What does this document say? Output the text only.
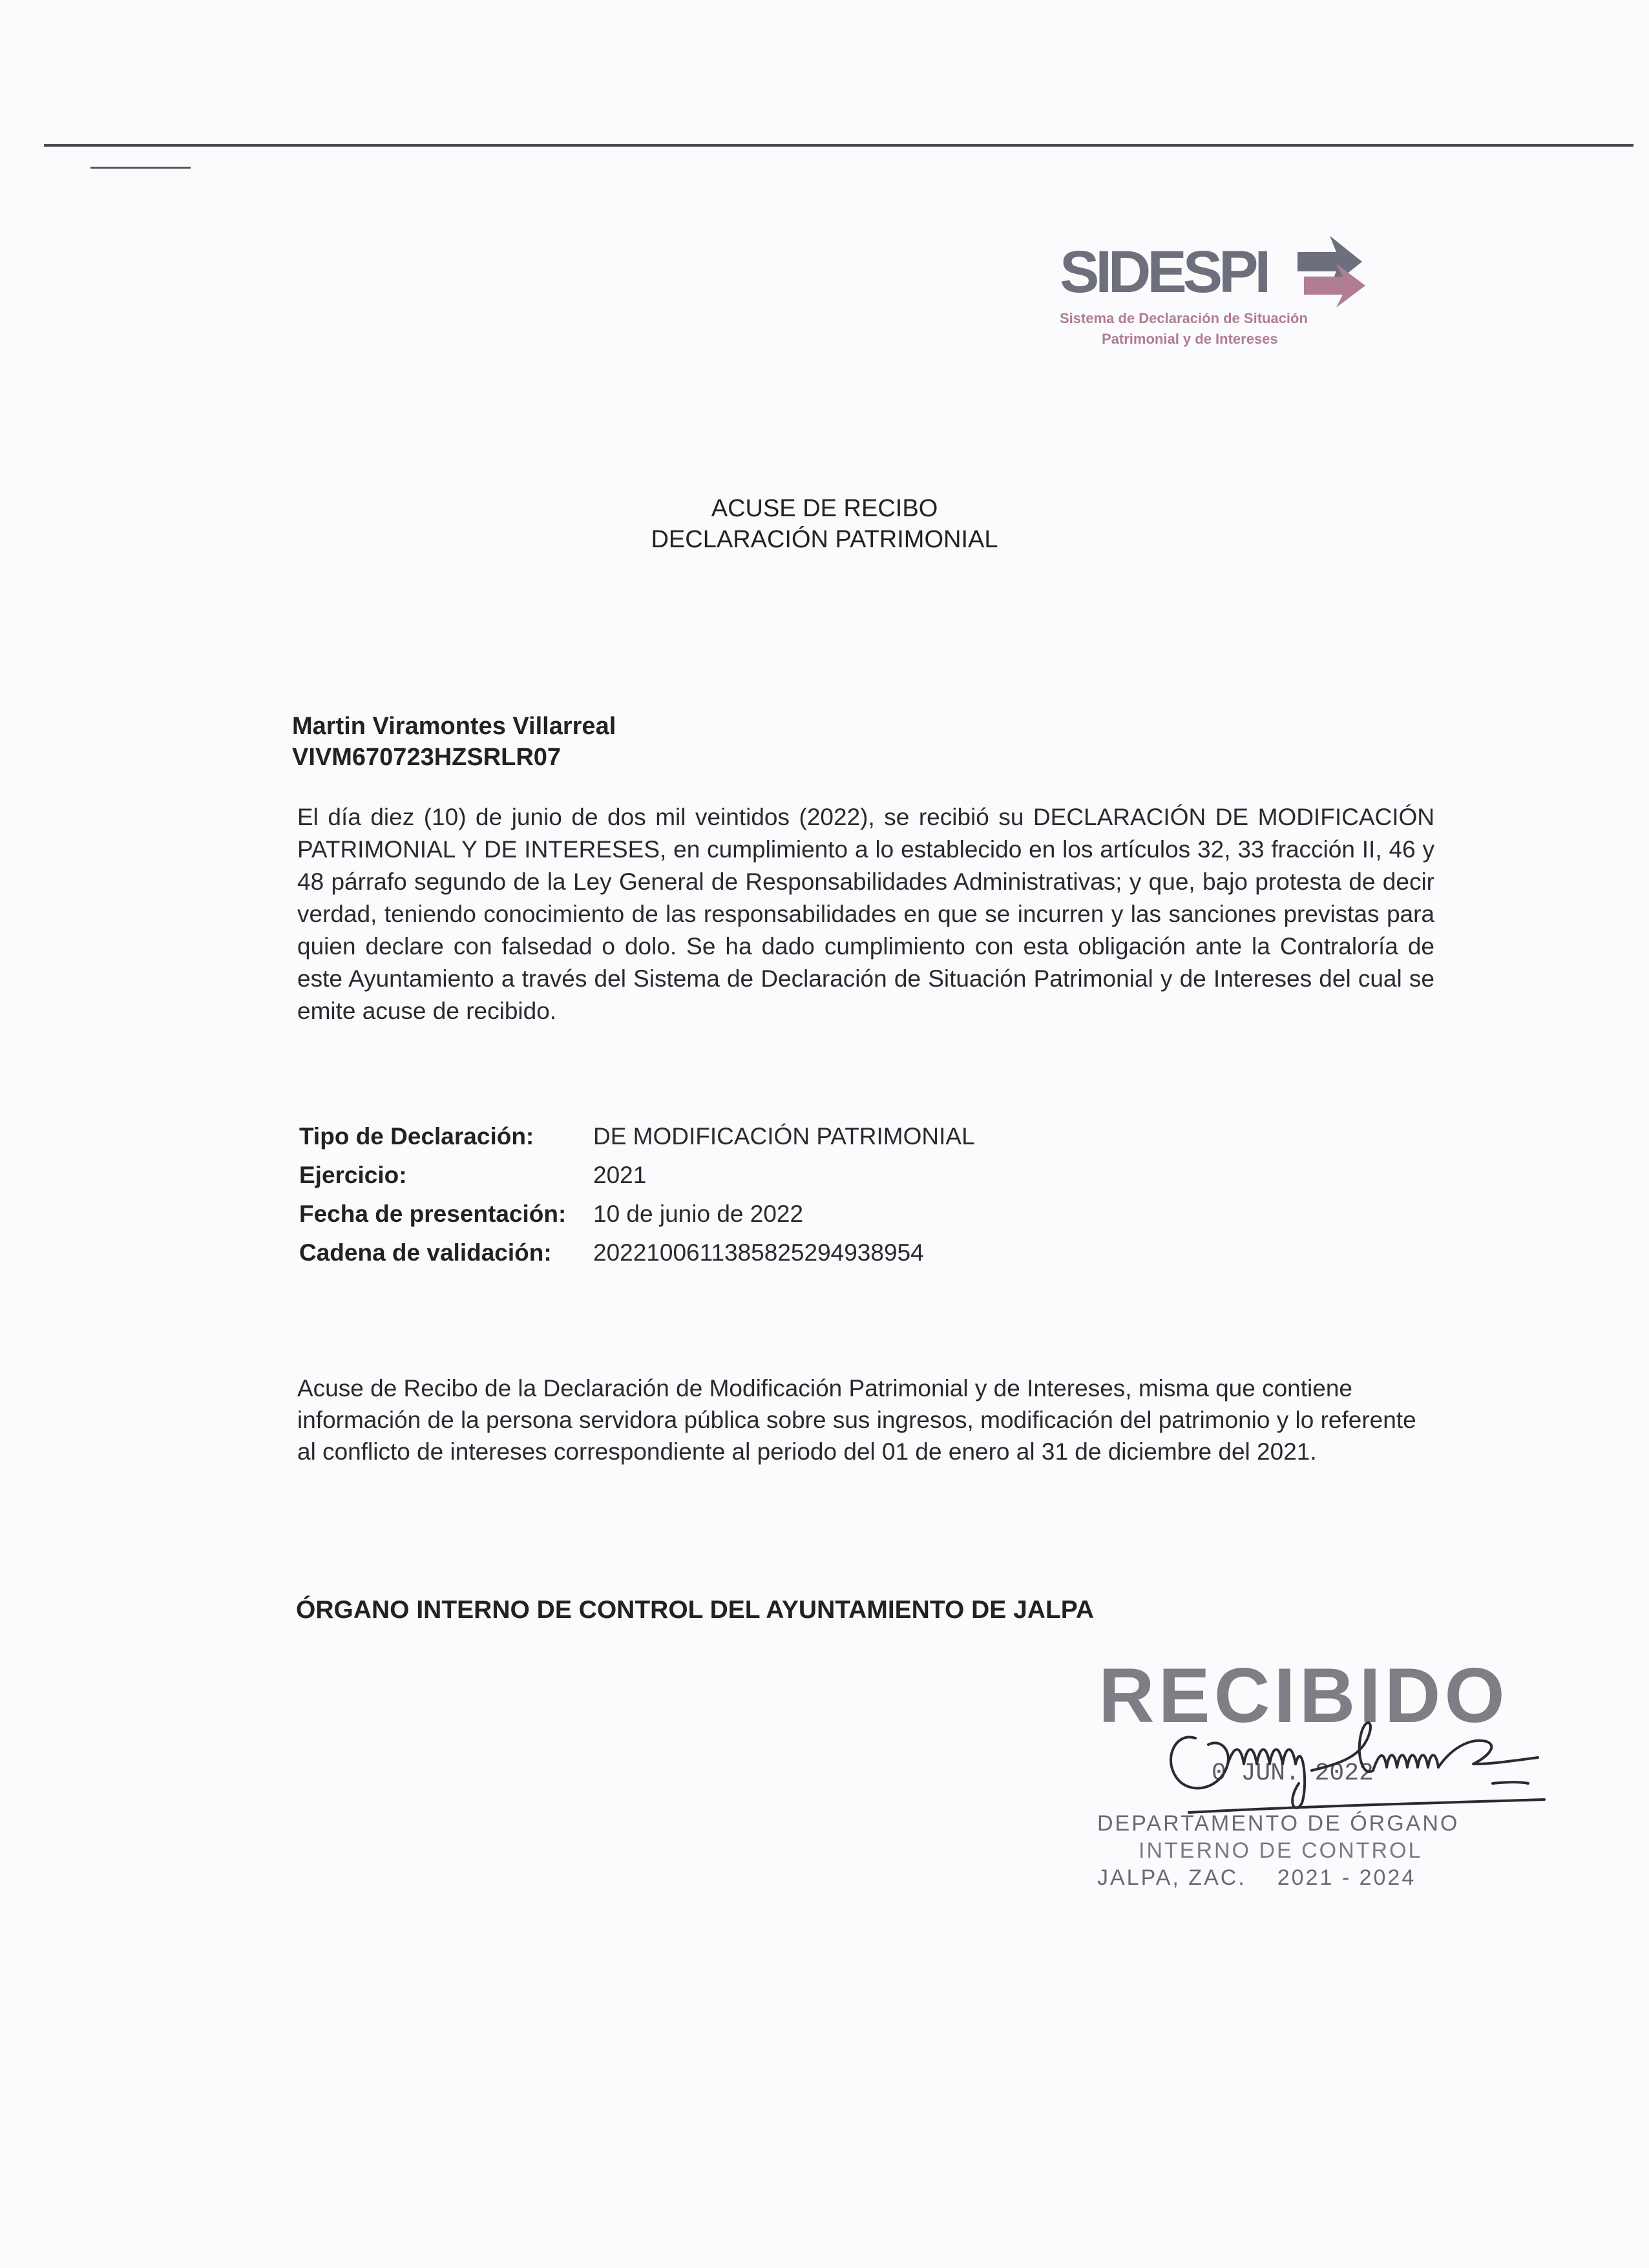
SIDESPI
Sistema de Declaración de Situación
Patrimonial y de Intereses
ACUSE DE RECIBO
DECLARACIÓN PATRIMONIAL
Martin Viramontes Villarreal
VIVM670723HZSRLR07

El día diez (10) de junio de dos mil veintidos (2022), se recibió su DECLARACIÓN DE MODIFICACIÓN PATRIMONIAL Y DE INTERESES, en cumplimiento a lo establecido en los artículos 32, 33 fracción II, 46 y 48 párrafo segundo de la Ley General de Responsabilidades Administrativas; y que, bajo protesta de decir verdad, teniendo conocimiento de las responsabilidades en que se incurren y las sanciones previstas para quien declare con falsedad o dolo. Se ha dado cumplimiento con esta obligación ante la Contraloría de este Ayuntamiento a través del Sistema de Declaración de Situación Patrimonial y de Intereses del cual se emite acuse de recibido.

Tipo de Declaración:	DE MODIFICACIÓN PATRIMONIAL
Ejercicio:	2021
Fecha de presentación:	10 de junio de 2022
Cadena de validación:	20221006113858252949389​54

Acuse de Recibo de la Declaración de Modificación Patrimonial y de Intereses, misma que contiene información de la persona servidora pública sobre sus ingresos, modificación del patrimonio y lo referente al conflicto de intereses correspondiente al periodo del 01 de enero al 31 de diciembre del 2021.

ÓRGANO INTERNO DE CONTROL DEL AYUNTAMIENTO DE JALPA
RECIBIDO
0 JUN. 2022
DEPARTAMENTO DE ÓRGANO
INTERNO DE CONTROL
JALPA, ZAC. 2021 - 2024
